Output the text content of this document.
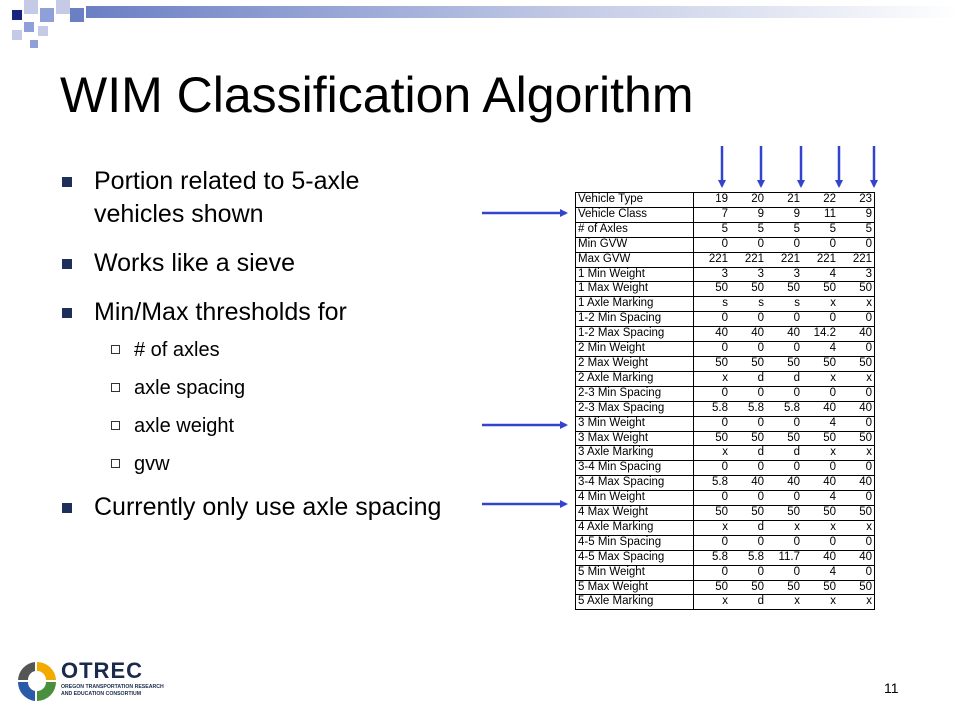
WIM Classification Algorithm
Portion related to 5-axle vehicles shown
Works like a sieve
Min/Max thresholds for
# of axles
axle spacing
axle weight
gvw
Currently only use axle spacing
Vehicle Type	19	20	21	22	23
Vehicle Class	7	9	9	11	9
# of Axles	5	5	5	5	5
Min GVW	0	0	0	0	0
Max GVW	221	221	221	221	221
1 Min Weight	3	3	3	4	3
1 Max Weight	50	50	50	50	50
1 Axle Marking	s	s	s	x	x
1-2 Min Spacing	0	0	0	0	0
1-2 Max Spacing	40	40	40	14.2	40
2 Min Weight	0	0	0	4	0
2 Max Weight	50	50	50	50	50
2 Axle Marking	x	d	d	x	x
2-3 Min Spacing	0	0	0	0	0
2-3 Max Spacing	5.8	5.8	5.8	40	40
3 Min Weight	0	0	0	4	0
3 Max Weight	50	50	50	50	50
3 Axle Marking	x	d	d	x	x
3-4 Min Spacing	0	0	0	0	0
3-4 Max Spacing	5.8	40	40	40	40
4 Min Weight	0	0	0	4	0
4 Max Weight	50	50	50	50	50
4 Axle Marking	x	d	x	x	x
4-5 Min Spacing	0	0	0	0	0
4-5 Max Spacing	5.8	5.8	11.7	40	40
5 Min Weight	0	0	0	4	0
5 Max Weight	50	50	50	50	50
5 Axle Marking	x	d	x	x	x
OTREC
OREGON TRANSPORTATION RESEARCH
AND EDUCATION CONSORTIUM	11
